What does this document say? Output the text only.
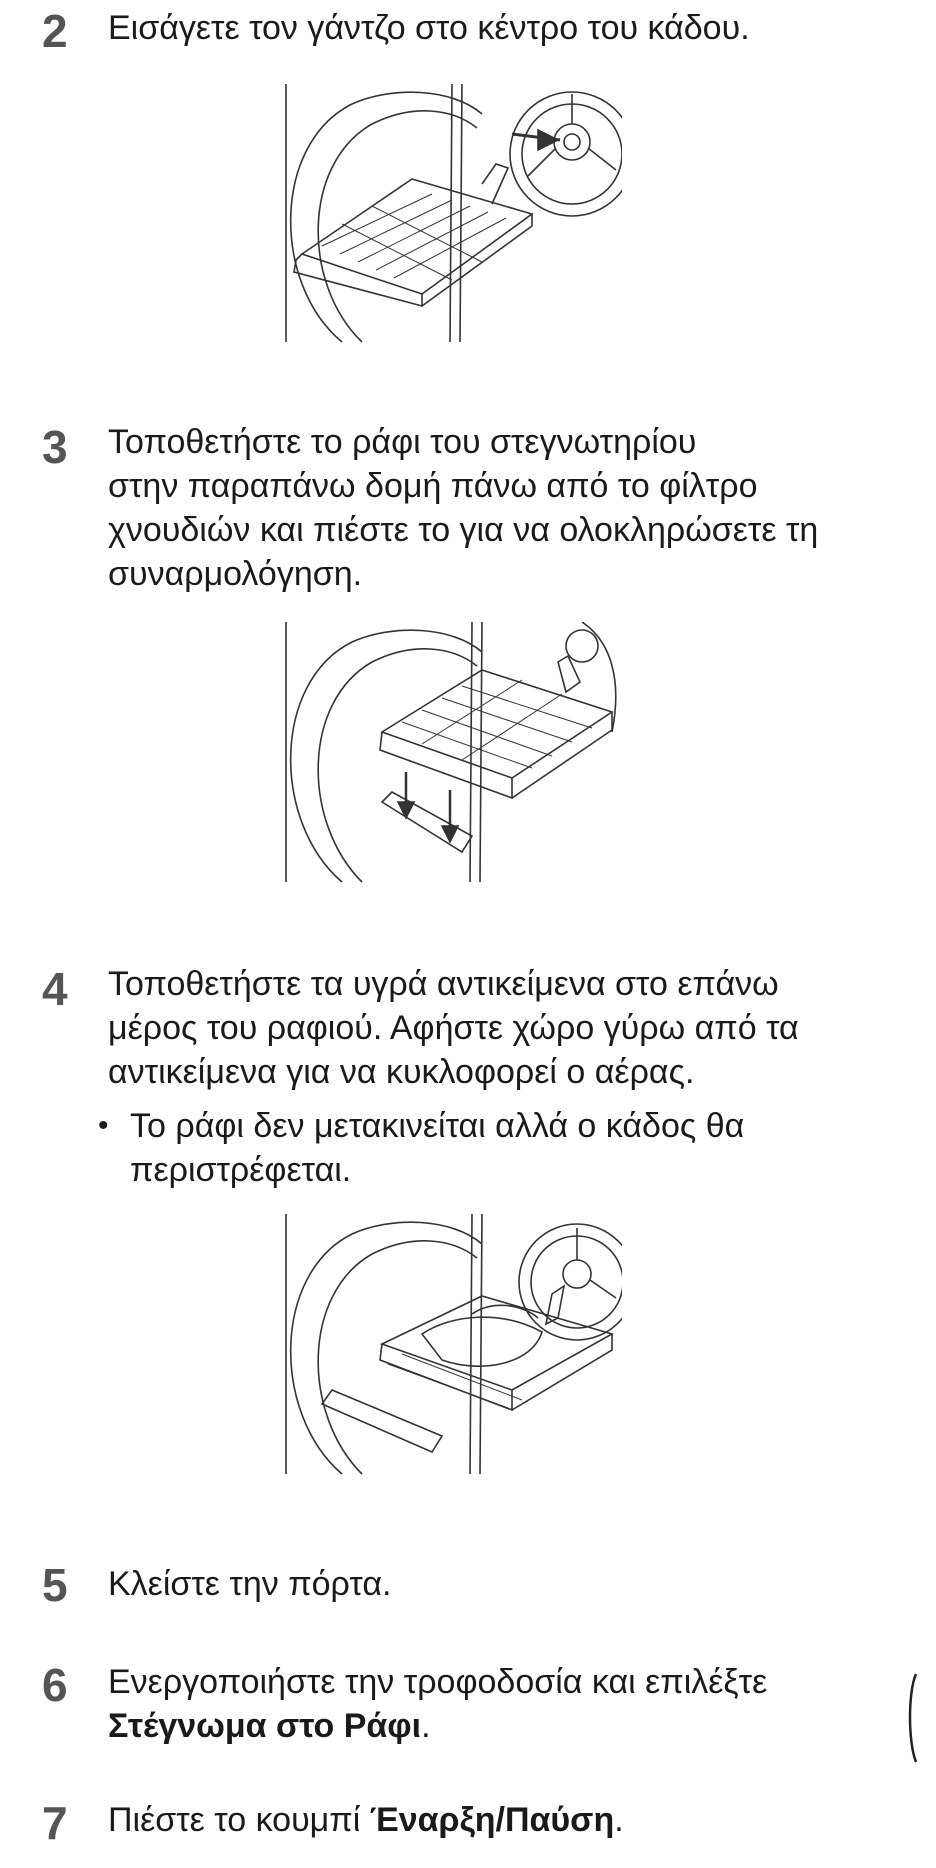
2 Εισάγετε τον γάντζο στο κέντρο του κάδου.

3 Τοποθετήστε το ράφι του στεγνωτηρίου
στην παραπάνω δομή πάνω από το φίλτρο
χνουδιών και πιέστε το για να ολοκληρώσετε τη
συναρμολόγηση.

4 Τοποθετήστε τα υγρά αντικείμενα στο επάνω
μέρος του ραφιού. Αφήστε χώρο γύρω από τα
αντικείμενα για να κυκλοφορεί ο αέρας.

• Το ράφι δεν μετακινείται αλλά ο κάδος θα
περιστρέφεται.

5 Κλείστε την πόρτα.

6 Ενεργοποιήστε την τροφοδοσία και επιλέξτε
Στέγνωμα στο Ράφι.

7 Πιέστε το κουμπί Έναρξη/Παύση.
